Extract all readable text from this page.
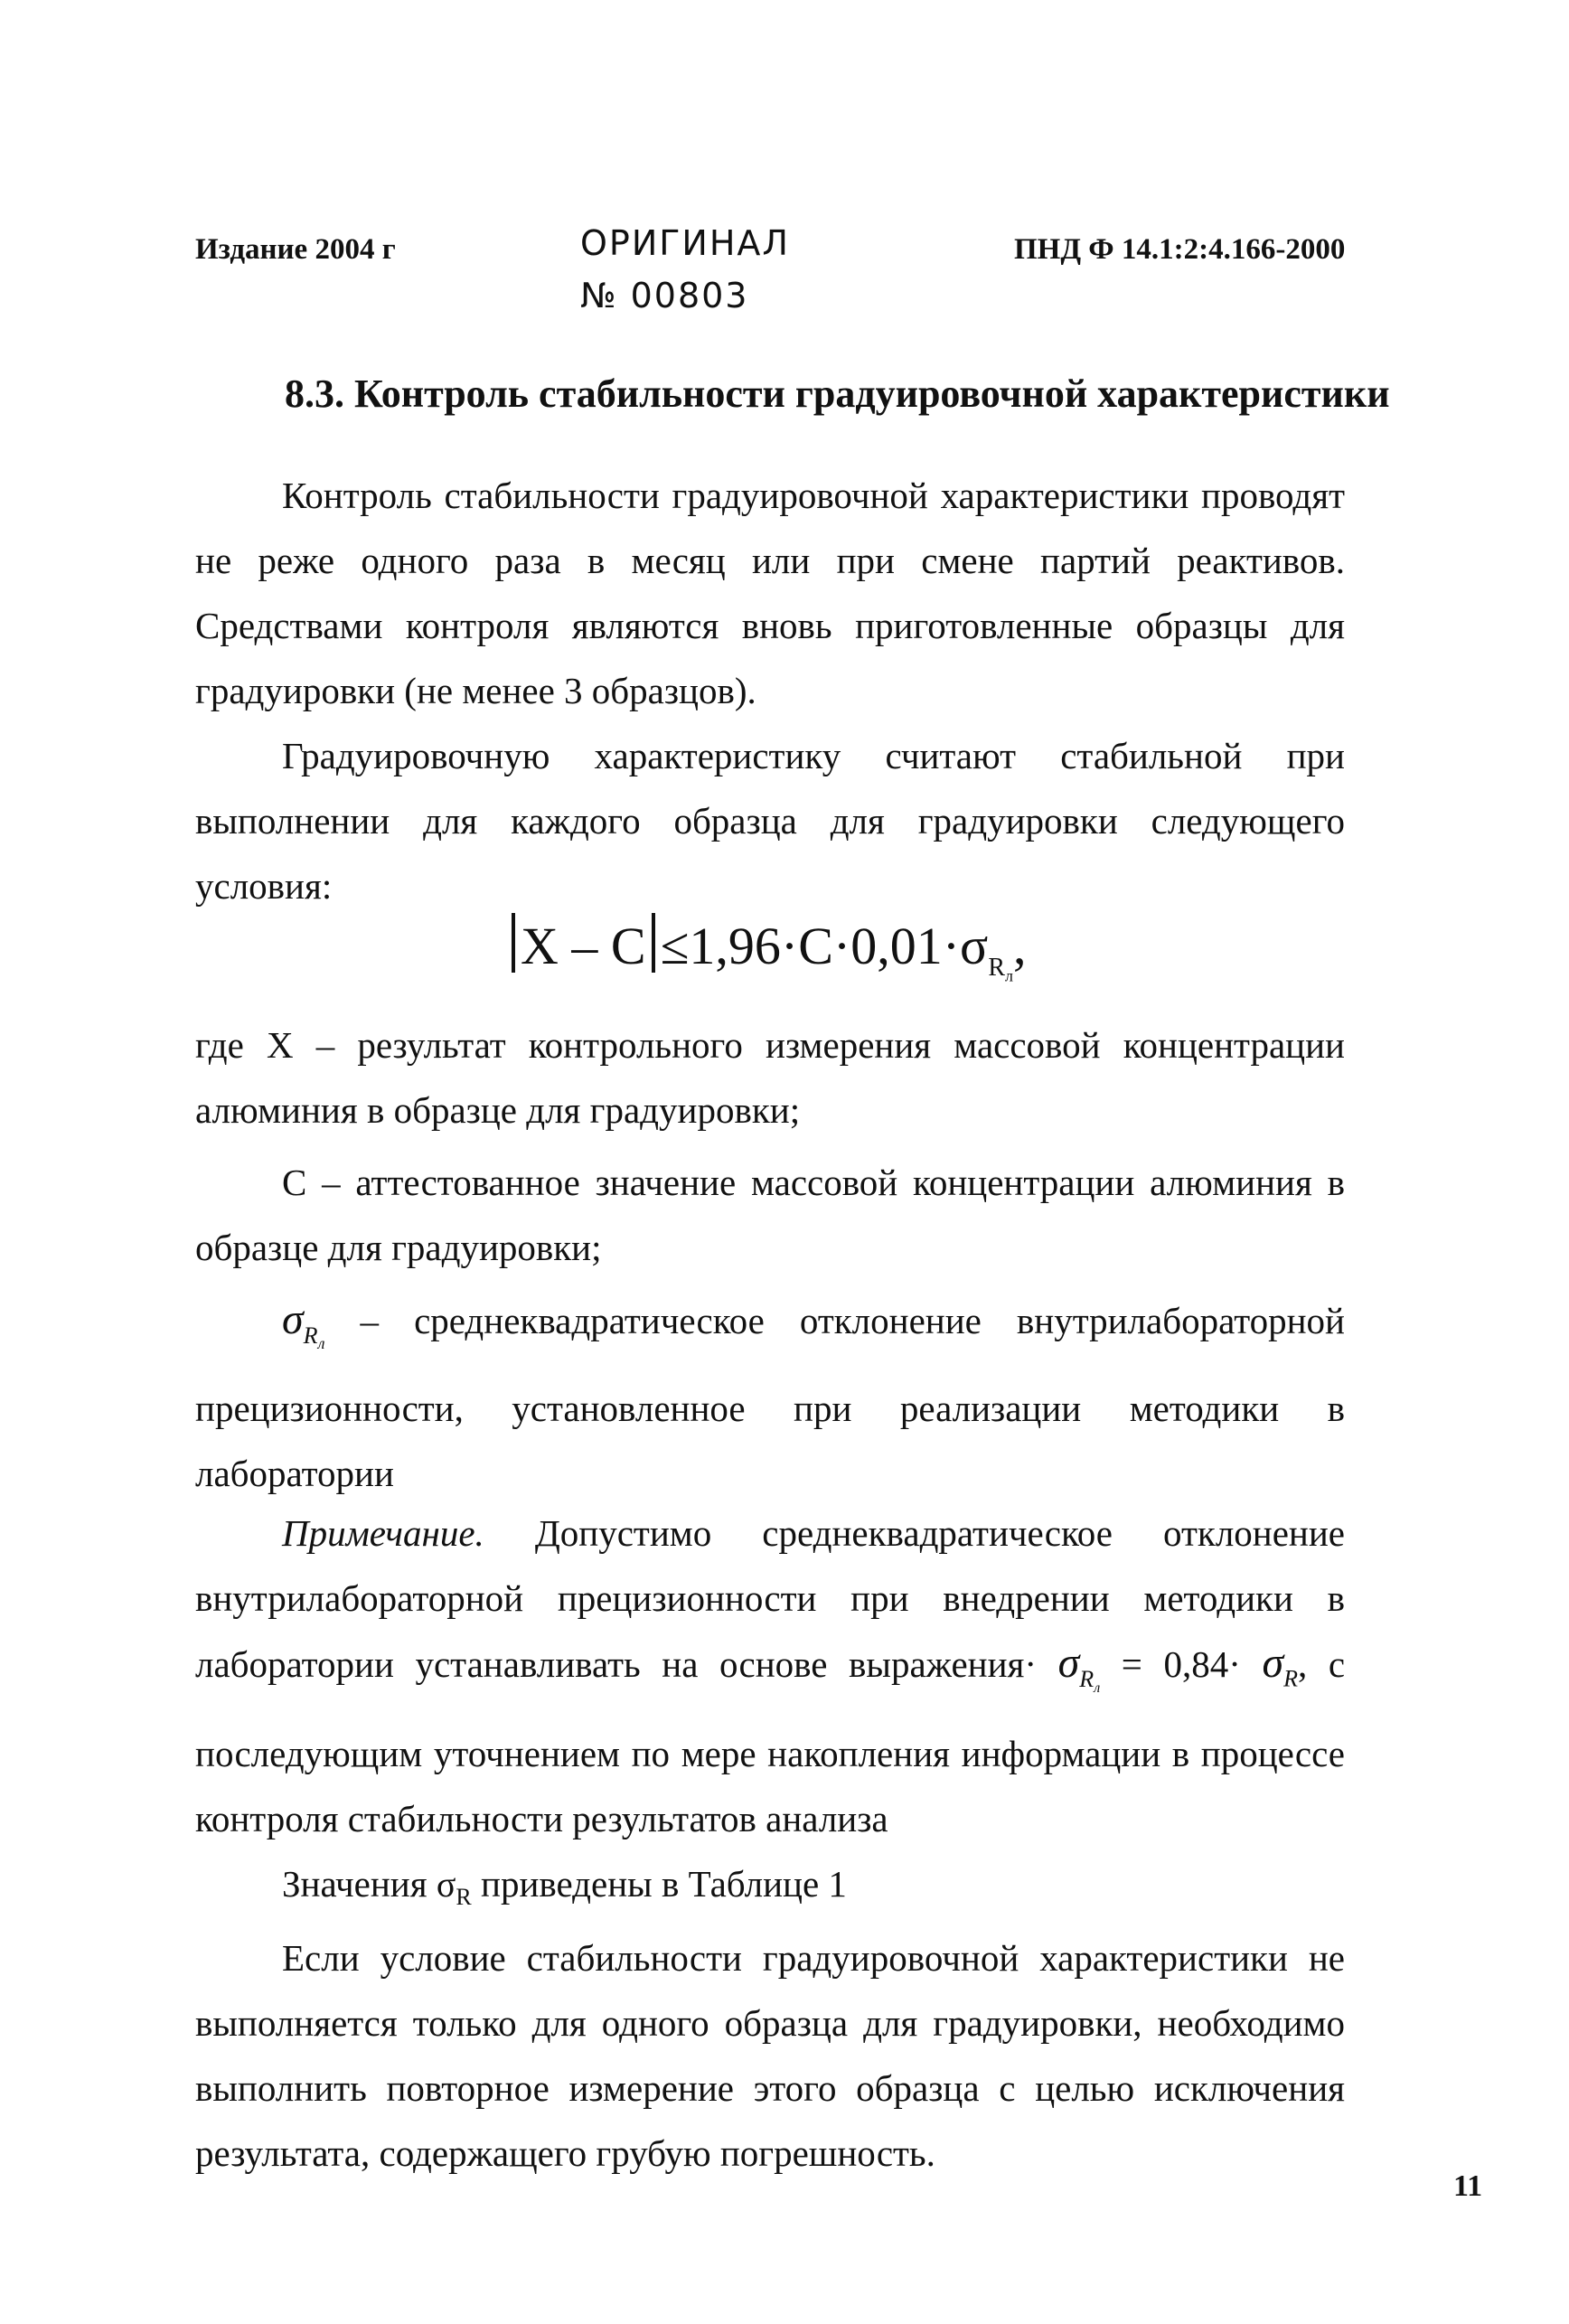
Издание 2004 г	ОРИГИНАЛ
№ 00803
ПНД Ф 14.1:2:4.166-2000
8.3. Контроль стабильности градуировочной характеристики
Контроль стабильности градуировочной характеристики проводят не реже одного раза в месяц или при смене партий реактивов. Средствами контроля являются вновь приготовленные образцы для градуировки (не менее 3 образцов).
Градуировочную характеристику считают стабильной при выполнении для каждого образца для градуировки следующего условия:
$X - C \le 1,96\cdot C\cdot 0,01\cdot\sigma_{R_л}$,
где X – результат контрольного измерения массовой концентрации алюминия в образце для градуировки;
C – аттестованное значение массовой концентрации алюминия в образце для градуировки;
$\sigma_{R_л}$ – среднеквадратическое отклонение внутрилабораторной прецизионности, установленное при реализации методики в лаборатории
Примечание. Допустимо среднеквадратическое отклонение внутрилабораторной прецизионности при внедрении методики в лаборатории устанавливать на основе выражения· $\sigma_{R_л} = 0,84\cdot \sigma_R$, с последующим уточнением по мере накопления информации в процессе контроля стабильности результатов анализа
Значения $\sigma_R$ приведены в Таблице 1
Если условие стабильности градуировочной характеристики не выполняется только для одного образца для градуировки, необходимо выполнить повторное измерение этого образца с целью исключения результата, содержащего грубую погрешность.
11
